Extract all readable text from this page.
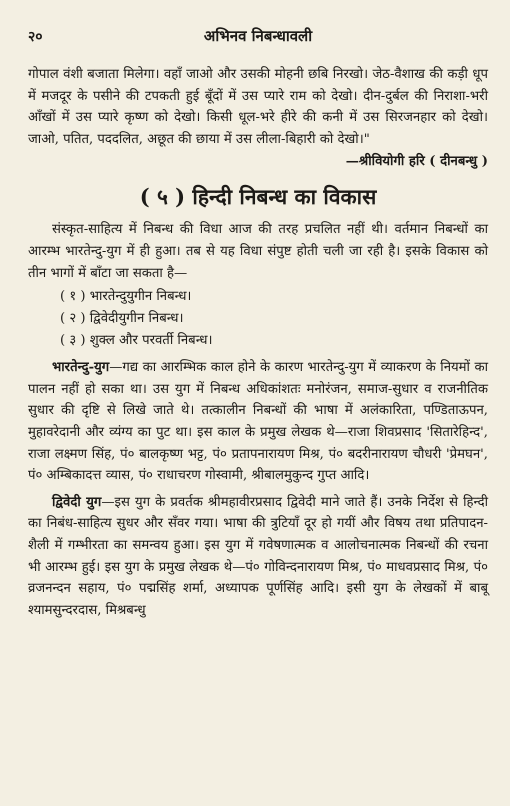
२०	अभिनव निबन्धावली

गोपाल वंशी बजाता मिलेगा। वहाँ जाओ और उसकी मोहनी छबि निरखो। जेठ-वैशाख की कड़ी धूप में मजदूर के पसीने की टपकती हुई बूँदों में उस प्यारे राम को देखो। दीन-दुर्बल की निराशा-भरी आँखों में उस प्यारे कृष्ण को देखो। किसी धूल-भरे हीरे की कनी में उस सिरजनहार को देखो। जाओ, पतित, पददलित, अछूत की छाया में उस लीला-बिहारी को देखो।"

—श्रीवियोगी हरि ( दीनबन्धु )
( ५ ) हिन्दी निबन्ध का विकास

संस्कृत-साहित्य में निबन्ध की विधा आज की तरह प्रचलित नहीं थी। वर्तमान निबन्धों का आरम्भ भारतेन्दु-युग में ही हुआ। तब से यह विधा संपुष्ट होती चली जा रही है। इसके विकास को तीन भागों में बाँटा जा सकता है—

( १ ) भारतेन्दुयुगीन निबन्ध।
( २ ) द्विवेदीयुगीन निबन्ध।
( ३ ) शुक्ल और परवर्ती निबन्ध।

भारतेन्दु-युग—गद्य का आरम्भिक काल होने के कारण भारतेन्दु-युग में व्याकरण के नियमों का पालन नहीं हो सका था। उस युग में निबन्ध अधिकांशतः मनोरंजन, समाज-सुधार व राजनीतिक सुधार की दृष्टि से लिखे जाते थे। तत्कालीन निबन्धों की भाषा में अलंकारिता, पण्डिताऊपन, मुहावरेदानी और व्यंग्य का पुट था। इस काल के प्रमुख लेखक थे—राजा शिवप्रसाद 'सितारेहिन्द', राजा लक्ष्मण सिंह, पं० बालकृष्ण भट्ट, पं० प्रतापनारायण मिश्र, पं० बदरीनारायण चौधरी 'प्रेमघन', पं० अम्बिकादत्त व्यास, पं० राधाचरण गोस्वामी, श्रीबालमुकुन्द गुप्त आदि।

द्विवेदी युग—इस युग के प्रवर्तक श्रीमहावीरप्रसाद द्विवेदी माने जाते हैं। उनके निर्देश से हिन्दी का निबंध-साहित्य सुधर और सँवर गया। भाषा की त्रुटियाँ दूर हो गयीं और विषय तथा प्रतिपादन-शैली में गम्भीरता का समन्वय हुआ। इस युग में गवेषणात्मक व आलोचनात्मक निबन्धों की रचना भी आरम्भ हुई। इस युग के प्रमुख लेखक थे—पं० गोविन्दनारायण मिश्र, पं० माधवप्रसाद मिश्र, पं० व्रजनन्दन सहाय, पं० पद्मसिंह शर्मा, अध्यापक पूर्णसिंह आदि। इसी युग के लेखकों में बाबू श्यामसुन्दरदास, मिश्रबन्धु
